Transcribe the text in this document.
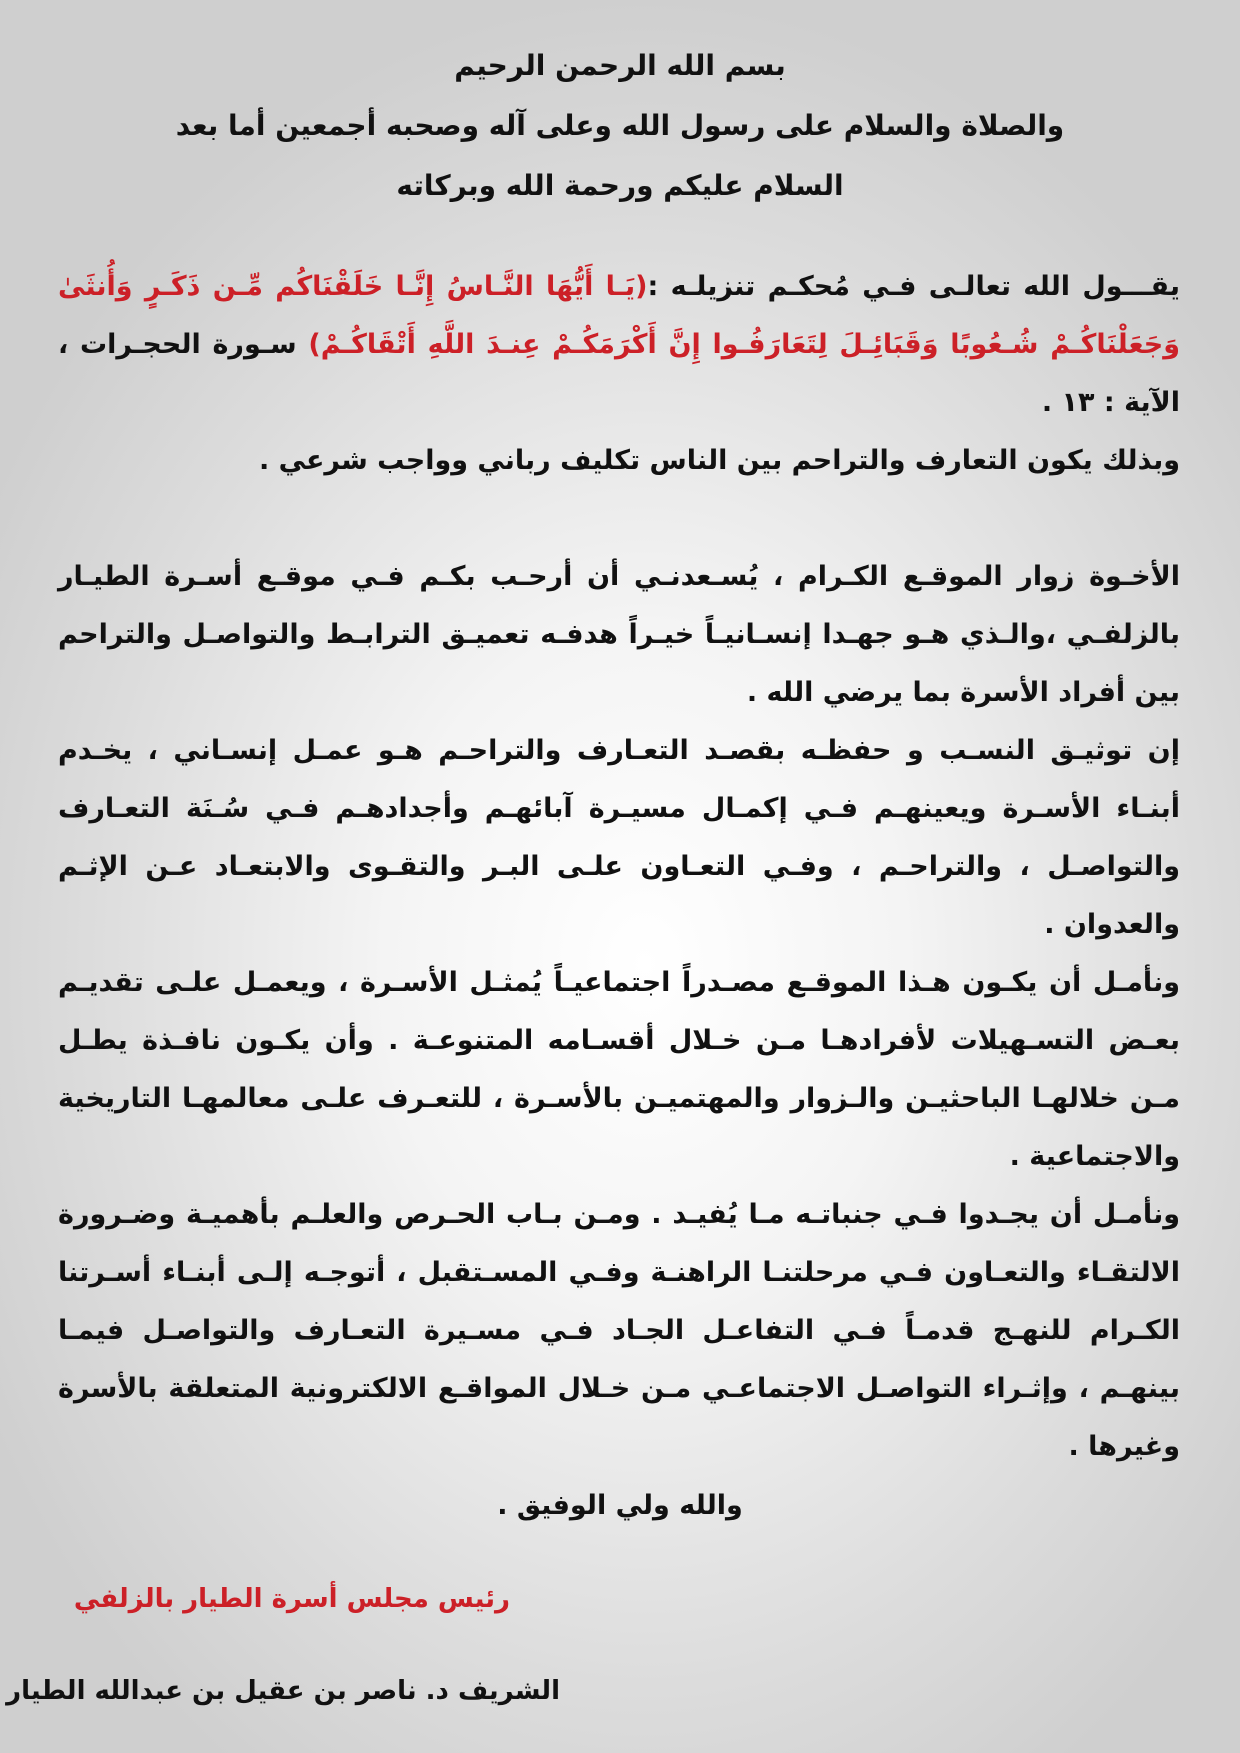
بسم الله الرحمن الرحيم
والصلاة والسلام على رسول الله وعلى آله وصحبه أجمعين أما بعد
السلام عليكم ورحمة الله وبركاته

يقـــول الله تعالـى فـي مُحكـم تنزيلـه :(يَـا أَيُّهَا النَّـاسُ إِنَّـا خَلَقْنَاكُم مِّـن ذَكَـرٍ وَأُنثَىٰ وَجَعَلْنَاكُـمْ شُـعُوبًا وَقَبَائِـلَ لِتَعَارَفُـوا إِنَّ أَكْرَمَكُـمْ عِنـدَ اللَّهِ أَتْقَاكُـمْ) سـورة الحجـرات ، الآية : ١٣ .

وبذلك يكون التعارف والتراحم بين الناس تكليف رباني وواجب شرعي .

الأخـوة زوار الموقـع الكـرام ، يُسـعدنـي أن أرحـب بكـم فـي موقـع أسـرة الطيـار بالزلفـي ،والـذي هـو جهـدا إنسـانيـاً خيـراً هدفـه تعميـق الترابـط والتواصـل والتراحم بين أفراد الأسرة بما يرضي الله .

إن توثيـق النسـب و حفظـه بقصـد التعـارف والتراحـم هـو عمـل إنسـاني ، يخـدم أبنـاء الأسـرة ويعينهـم فـي إكمـال مسيـرة آبائهـم وأجدادهـم فـي سُـنَة التعـارف والتواصـل ، والتراحـم ، وفـي التعـاون علـى البـر والتقـوى والابتعـاد عـن الإثـم والعدوان .

ونأمـل أن يكـون هـذا الموقـع مصـدراً اجتماعيـاً يُمثـل الأسـرة ، ويعمـل علـى تقديـم بعـض التسـهيلات لأفرادهـا مـن خـلال أقسـامه المتنوعـة . وأن يكـون نافـذة يطـل مـن خلالهـا الباحثيـن والـزوار والمهتميـن بالأسـرة ، للتعـرف علـى معالمهـا التاريخية والاجتماعية .

ونأمـل أن يجـدوا فـي جنباتـه مـا يُفيـد . ومـن بـاب الحـرص والعلـم بأهميـة وضـرورة الالتقـاء والتعـاون فـي مرحلتنـا الراهنـة وفـي المسـتقبل ، أتوجـه إلـى أبنـاء أسـرتنا الكـرام للنهـج قدمـاً فـي التفاعـل الجـاد فـي مسـيرة التعـارف والتواصـل فيمـا بينهـم ، وإثـراء التواصـل الاجتماعـي مـن خـلال المواقـع الالكترونية المتعلقة بالأسرة وغيرها .

والله ولي الوفيق .
رئيس مجلس أسرة الطيار بالزلفي
الشريف د. ناصر بن عقيل بن عبدالله الطيار
